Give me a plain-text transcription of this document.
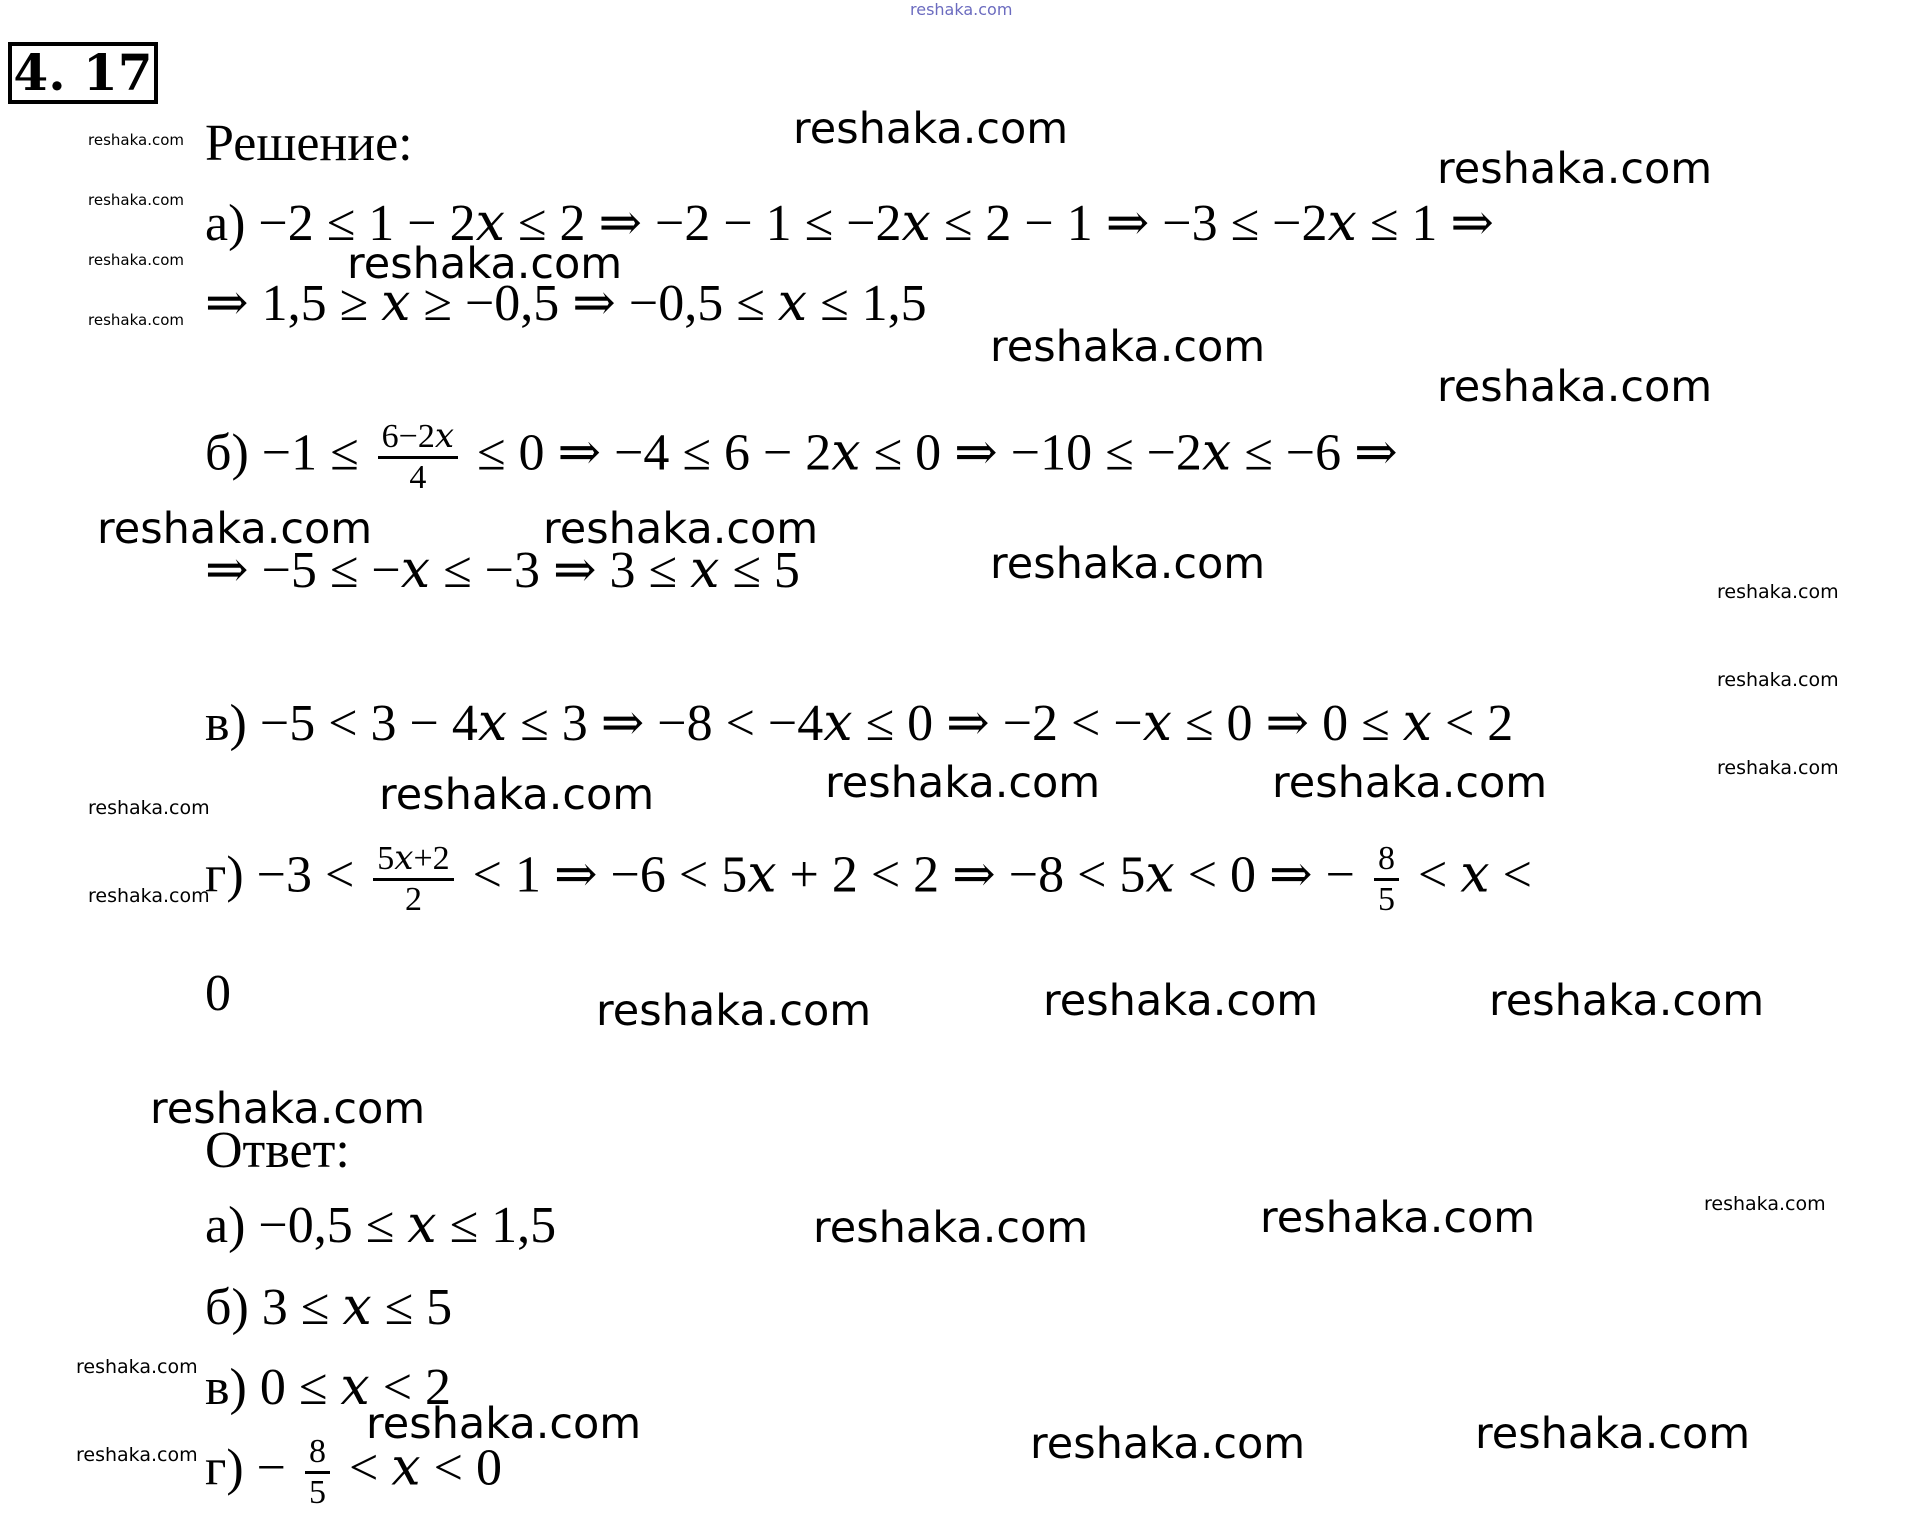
reshaka.com
4. 17
Решение:
а) −2 ≤ 1 − 2𝑥 ≤ 2 ⇒ −2 − 1 ≤ −2𝑥 ≤ 2 − 1 ⇒ −3 ≤ −2𝑥 ≤ 1 ⇒
⇒ 1,5 ≥ 𝑥 ≥ −0,5 ⇒ −0,5 ≤ 𝑥 ≤ 1,5
$б) -1 \le \frac{\text{6−2𝑥}}{4} \le 0$ ⇒ −4 ≤ 6 − 2𝑥 ≤ 0 ⇒ −10 ≤ −2𝑥 ≤ −6 ⇒
⇒ −5 ≤ −𝑥 ≤ −3 ⇒ 3 ≤ 𝑥 ≤ 5
в) −5 < 3 − 4𝑥 ≤ 3 ⇒ −8 < −4𝑥 ≤ 0 ⇒ −2 < −𝑥 ≤ 0 ⇒ 0 ≤ 𝑥 < 2
$г) -3 < \frac{\text{5𝑥+2}}{2} < 1$ ⇒ −6 < 5𝑥 + 2 < 2 ⇒ −8 < 5𝑥 < 0 ⇒ − $\frac{8}{5}$ < 𝑥 <
0
Ответ:
а) −0,5 ≤ 𝑥 ≤ 1,5
б) 3 ≤ 𝑥 ≤ 5
в) 0 ≤ 𝑥 < 2
$г) - \frac{8}{5}$ < 𝑥 < 0
reshaka.com
reshaka.com
reshaka.com
reshaka.com
reshaka.com
reshaka.com	reshaka.com
reshaka.com
reshaka.com	reshaka.com	reshaka.com
reshaka.com	reshaka.com	reshaka.com
reshaka.com
reshaka.com	reshaka.com
reshaka.com	reshaka.com	reshaka.com
reshaka.com
reshaka.com
reshaka.com
reshaka.com
reshaka.com
reshaka.com
reshaka.com
reshaka.com
reshaka.com
reshaka.com
reshaka.com
reshaka.com
